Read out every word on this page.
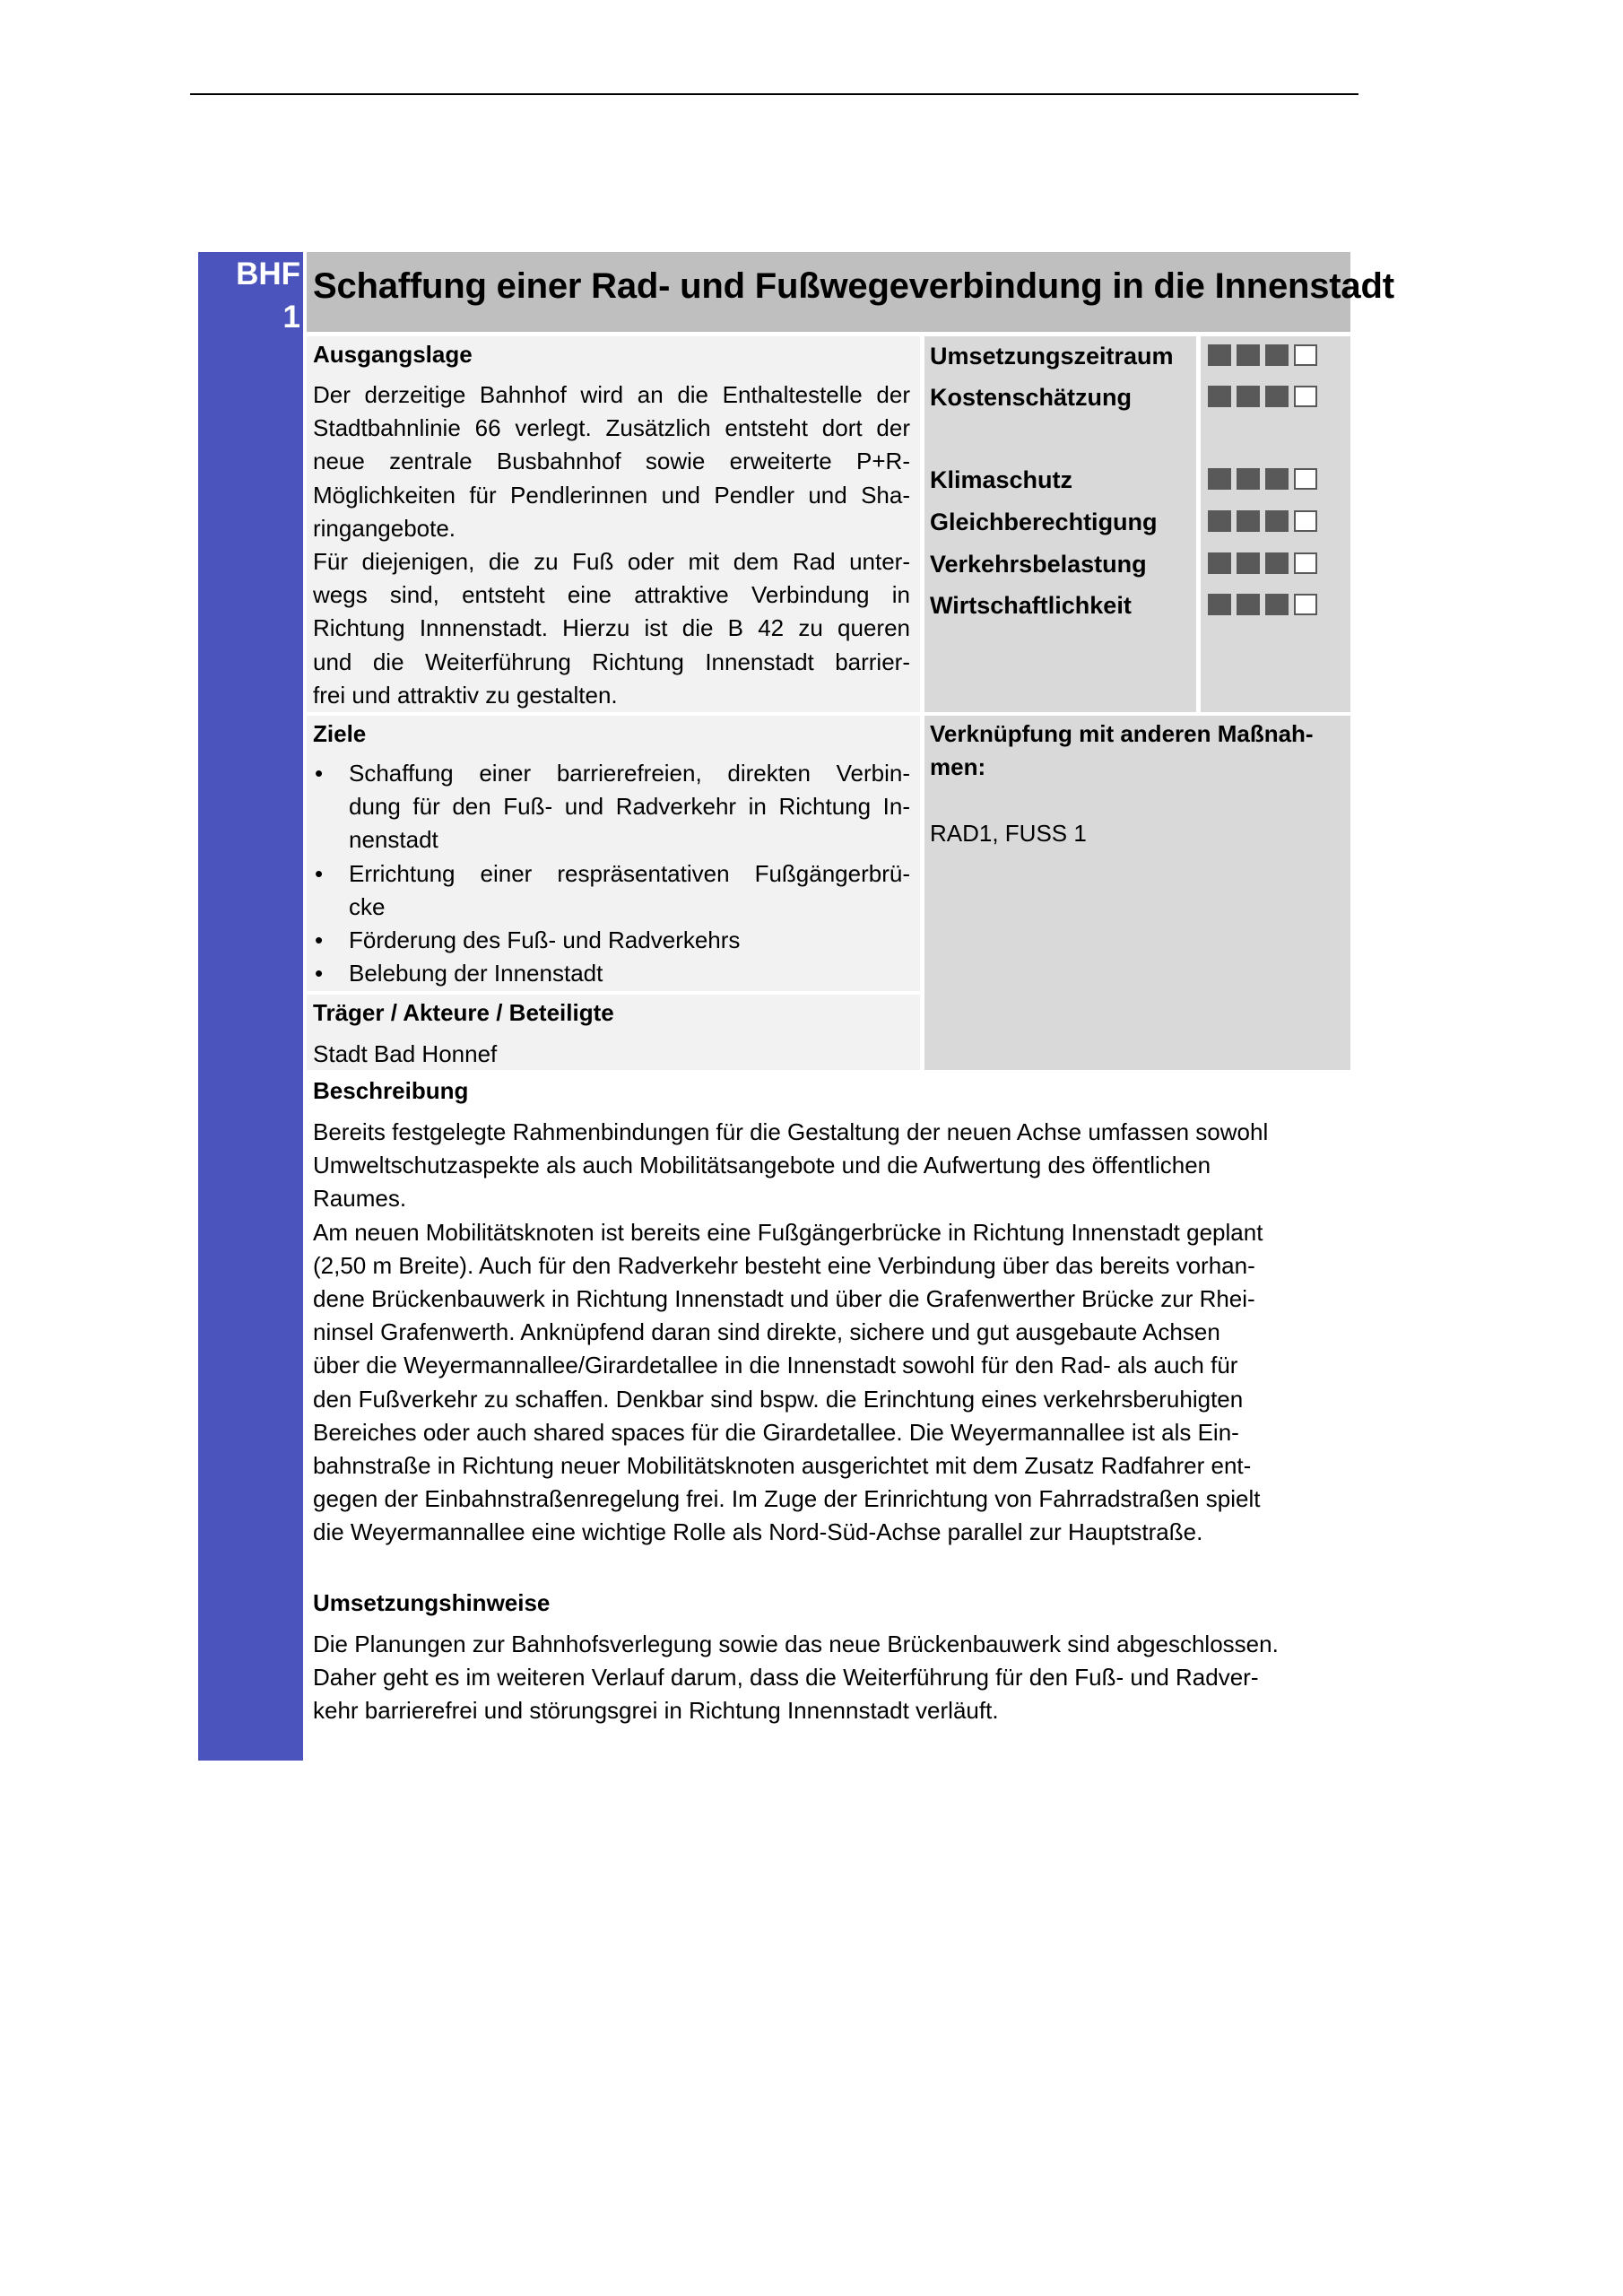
BHF
1
Schaffung einer Rad- und Fußwegeverbindung in die Innenstadt
Ausgangslage
Der derzeitige Bahnhof wird an die Enthaltestelle der
Stadtbahnlinie 66 verlegt. Zusätzlich entsteht dort der
neue zentrale Busbahnhof sowie erweiterte P+R-
Möglichkeiten für Pendlerinnen und Pendler und Sha-
ringangebote.
Für diejenigen, die zu Fuß oder mit dem Rad unter-
wegs sind, entsteht eine attraktive Verbindung in
Richtung Innnenstadt. Hierzu ist die B 42 zu queren
und die Weiterführung Richtung Innenstadt barrier-
frei und attraktiv zu gestalten.
Umsetzungszeitraum
Kostenschätzung
Klimaschutz
Gleichberechtigung
Verkehrsbelastung
Wirtschaftlichkeit
Ziele
• Schaffung einer barrierefreien, direkten Verbin-
dung für den Fuß- und Radverkehr in Richtung In-
nenstadt
• Errichtung einer respräsentativen Fußgängerbrü-
cke
• Förderung des Fuß- und Radverkehrs
• Belebung der Innenstadt
Verknüpfung mit anderen Maßnah-
men:
RAD1, FUSS 1
Träger / Akteure / Beteiligte
Stadt Bad Honnef
Beschreibung
Bereits festgelegte Rahmenbindungen für die Gestaltung der neuen Achse umfassen sowohl
Umweltschutzaspekte als auch Mobilitätsangebote und die Aufwertung des öffentlichen
Raumes.
Am neuen Mobilitätsknoten ist bereits eine Fußgängerbrücke in Richtung Innenstadt geplant
(2,50 m Breite). Auch für den Radverkehr besteht eine Verbindung über das bereits vorhan-
dene Brückenbauwerk in Richtung Innenstadt und über die Grafenwerther Brücke zur Rhei-
ninsel Grafenwerth. Anknüpfend daran sind direkte, sichere und gut ausgebaute Achsen
über die Weyermannallee/Girardetallee in die Innenstadt sowohl für den Rad- als auch für
den Fußverkehr zu schaffen. Denkbar sind bspw. die Erinchtung eines verkehrsberuhigten
Bereiches oder auch shared spaces für die Girardetallee. Die Weyermannallee ist als Ein-
bahnstraße in Richtung neuer Mobilitätsknoten ausgerichtet mit dem Zusatz Radfahrer ent-
gegen der Einbahnstraßenregelung frei. Im Zuge der Erinrichtung von Fahrradstraßen spielt
die Weyermannallee eine wichtige Rolle als Nord-Süd-Achse parallel zur Hauptstraße.
Umsetzungshinweise
Die Planungen zur Bahnhofsverlegung sowie das neue Brückenbauwerk sind abgeschlossen.
Daher geht es im weiteren Verlauf darum, dass die Weiterführung für den Fuß- und Radver-
kehr barrierefrei und störungsgrei in Richtung Innennstadt verläuft.
